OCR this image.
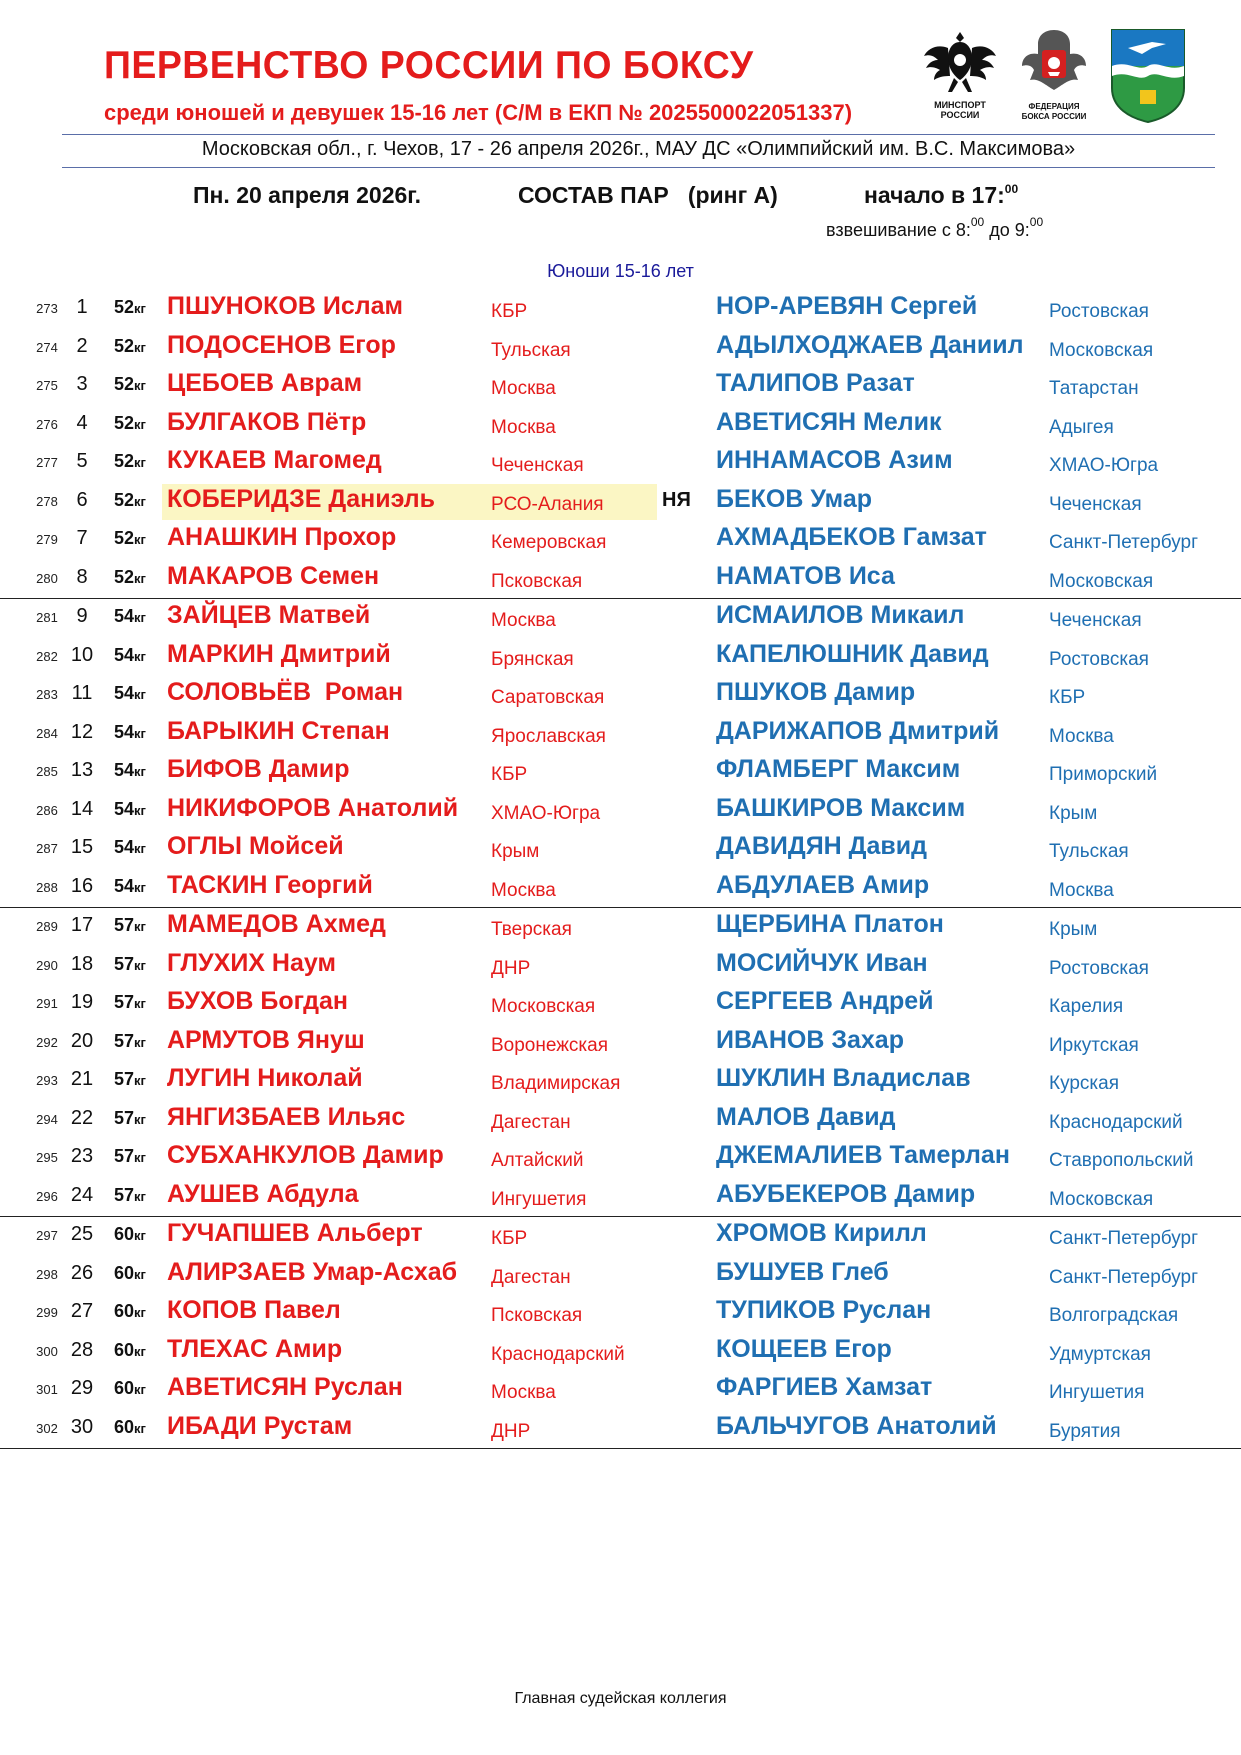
ПЕРВЕНСТВО РОССИИ ПО БОКСУ
среди юношей и девушек 15-16 лет (С/М в ЕКП № 2025500022051337)	МИНСПОРТ РОССИИ
ФЕДЕРАЦИЯ БОКСА РОССИИ
Московская обл., г. Чехов, 17 - 26 апреля 2026г., МАУ ДС «Олимпийский им. В.С. Максимова»
Пн. 20 апреля 2026г.	СОСТАВ ПАР   (ринг А)	начало в 17:$^{00}$
взвешивание с 8:$^{00}$ до 9:$^{00}$
Юноши 15-16 лет
273 1	52кг ПШУНОКОВ Ислам	КБР	НОР-АРЕВЯН Сергей	Ростовская
274 2	52кг ПОДОСЕНОВ Егор	Тульская	АДЫЛХОДЖАЕВ Даниил Московская
275 3	52кг ЦЕБОЕВ Аврам	Москва	ТАЛИПОВ Разат	Татарстан
276 4	52кг БУЛГАКОВ Пётр	Москва	АВЕТИСЯН Мелик	Адыгея
277 5	52кг КУКАЕВ Магомед	Чеченская	ИННАМАСОВ Азим	ХМАО-Югра
278 6	52кг КОБЕРИДЗЕ Даниэль	РСО-Алания	НЯ БЕКОВ Умар	Чеченская
279 7	52кг АНАШКИН Прохор	Кемеровская	АХМАДБЕКОВ Гамзат	Санкт-Петербург
280 8	52кг МАКАРОВ Семен	Псковская	НАМАТОВ Иса	Московская
281 9	54кг ЗАЙЦЕВ Матвей	Москва	ИСМАИЛОВ Микаил	Чеченская
282 10	54кг МАРКИН Дмитрий	Брянская	КАПЕЛЮШНИК Давид	Ростовская
283 11	54кг СОЛОВЬЁВ  Роман	Саратовская	ПШУКОВ Дамир	КБР
284 12	54кг БАРЫКИН Степан	Ярославская	ДАРИЖАПОВ Дмитрий	Москва
285 13	54кг БИФОВ Дамир	КБР	ФЛАМБЕРГ Максим	Приморский
286 14	54кг НИКИФОРОВ Анатолий ХМАО-Югра	БАШКИРОВ Максим	Крым
287 15	54кг ОГЛЫ Мойсей	Крым	ДАВИДЯН Давид	Тульская
288 16	54кг ТАСКИН Георгий	Москва	АБДУЛАЕВ Амир	Москва
289 17	57кг МАМЕДОВ Ахмед	Тверская	ЩЕРБИНА Платон	Крым
290 18	57кг ГЛУХИХ Наум	ДНР	МОСИЙЧУК Иван	Ростовская
291 19	57кг БУХОВ Богдан	Московская	СЕРГЕЕВ Андрей	Карелия
292 20	57кг АРМУТОВ Януш	Воронежская	ИВАНОВ Захар	Иркутская
293 21	57кг ЛУГИН Николай	Владимирская	ШУКЛИН Владислав	Курская
294 22	57кг ЯНГИЗБАЕВ Ильяс	Дагестан	МАЛОВ Давид	Краснодарский
295 23	57кг СУБХАНКУЛОВ Дамир Алтайский	ДЖЕМАЛИЕВ Тамерлан Ставропольский
296 24	57кг АУШЕВ Абдула	Ингушетия	АБУБЕКЕРОВ Дамир	Московская
297 25	60кг ГУЧАПШЕВ Альберт	КБР	ХРОМОВ Кирилл	Санкт-Петербург
298 26	60кг АЛИРЗАЕВ Умар-Асхаб Дагестан	БУШУЕВ Глеб	Санкт-Петербург
299 27	60кг КОПОВ Павел	Псковская	ТУПИКОВ Руслан	Волгоградская
300 28	60кг ТЛЕХАС Амир	Краснодарский	КОЩЕЕВ Егор	Удмуртская
301 29	60кг АВЕТИСЯН Руслан	Москва	ФАРГИЕВ Хамзат	Ингушетия
302 30	60кг ИБАДИ Рустам	ДНР	БАЛЬЧУГОВ Анатолий	Бурятия
Главная судейская коллегия
